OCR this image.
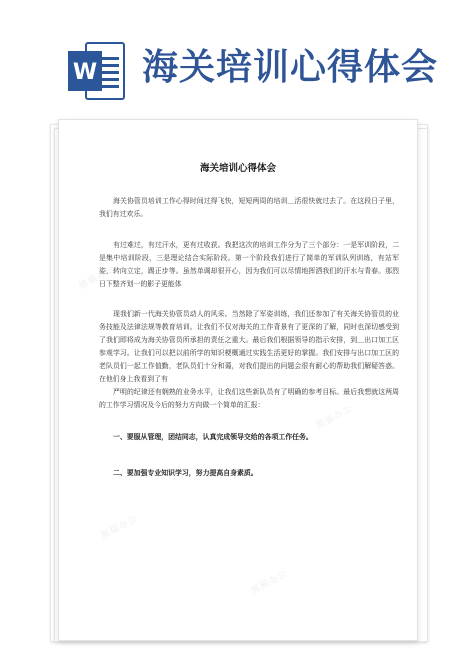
W 海关培训心得体会
海关培训心得体会
海关协管员培训工作心得时间过得飞快，短短两周的培训＿活很快就过去了。在这段日子里，我们有过欢乐。
有过难过，有过汗水，更有过收获。我把这次的培训工作分为了三个部分：一是军训阶段，二是集中培训阶段，三是理论结合实际阶段。第一个阶段我们进行了简单的军训队列训练，有站军姿，转向立定，踢正步等。虽然单调却很开心，因为我们可以尽情地挥洒我们的汗水与青春。那烈日下整齐划一的影子更能体
现我们新一代海关协管员动人的风采。当然除了军姿训练，我们还参加了有关海关协管员的业务技能及法律法规等教育培训。让我们不仅对海关的工作背景有了更深的了解，同时也深切感受到了我们即将成为海关协管员所承担的责任之重大。最后我们根据领导的指示安排，到＿出口加工区参观学习。让我们可以把以前所学的知识梗概通过实践生活更好的掌握。我们安排与出口加工区的老队员们一起工作值勤，老队员们十分和蔼，对我们提出的问题会很有耐心的帮助我们解疑答惑。在他们身上我看到了有
严明的纪律还有娴熟的业务水平，让我们这些新队员有了明确的参考目标。最后我想就这两周的工作学习情况及今后的努力方向做一个简单的汇报：
一、要服从管理，团结同志，认真完成领导交给的各项工作任务。
二、要加强专业知识学习，努力提高自身素质。
熊猫办公
熊猫办公
熊猫办公
熊猫办公
熊猫办公
